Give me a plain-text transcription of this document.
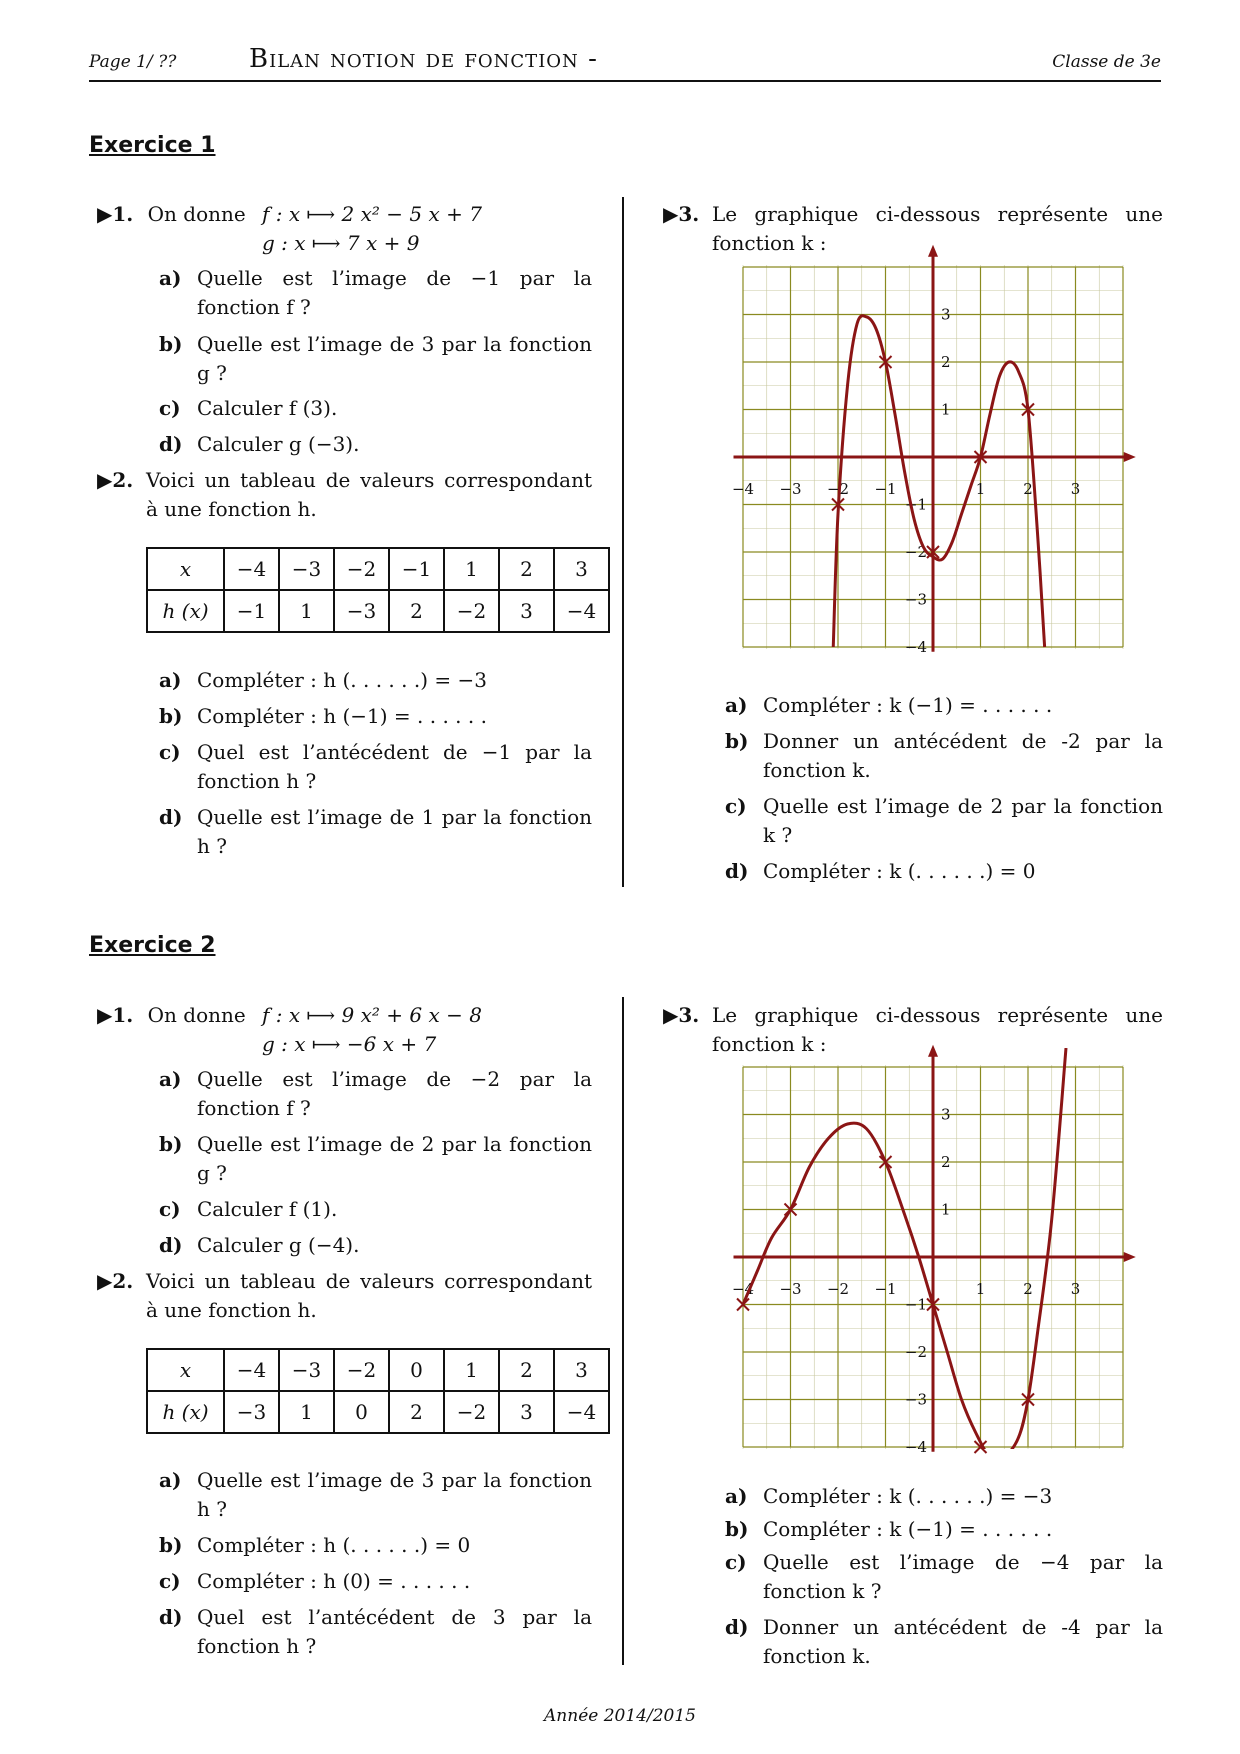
Page 1/ ??	Bilan notion de fonction -	Classe de 3e
Exercice 1
▶1. On donne f : x ⟼ 2 x² − 5 x + 7
g : x ⟼ 7 x + 9
a) Quelle est l’image de −1 par la fonction f ?
b) Quelle est l’image de 3 par la fonction g ?
c) Calculer f (3).
d) Calculer g (−3).
a) Quelle est l’image de −2 par la fonction f ?
b) Quelle est l’image de 2 par la fonction g ?
c) Calculer f (1).
d) Calculer g (−4).
a) Compléter : h (. . . . . .) = −3
b) Compléter : h (−1) = . . . . . .
c) Quel est l’antécédent de −1 par la fonction h ?
d) Quelle est l’image de 1 par la fonction h ?
a) Quelle est l’image de 3 par la fonction h ?
b) Compléter : h (. . . . . .) = 0
c) Compléter : h (0) = . . . . . .
d) Quel est l’antécédent de 3 par la fonction h ?
a) Compléter : k (−1) = . . . . . .
b) Donner un antécédent de -2 par la fonction k.
c) Quelle est l’image de 2 par la fonction k ?
d) Compléter : k (. . . . . .) = 0
a) Compléter : k (. . . . . .) = −3
b) Compléter : k (−1) = . . . . . .
c) Quelle est l’image de −4 par la fonction k ?
d) Donner un antécédent de -4 par la fonction k.
▶2. Voici un tableau de valeurs correspondant à une fonction h.
x	−4	−3	−2	−1	1	2	3
h (x)	−1	1	−3	2	−2	3	−4
▶3. Le graphique ci-dessous représente une fonction k :
−4 −3 −2 −1	1	2	3
3
2
1
−1
−2
−3
−4
Exercice 2
▶1. On donne f : x ⟼ 9 x² + 6 x − 8
g : x ⟼ −6 x + 7
▶2. Voici un tableau de valeurs correspondant à une fonction h.
x	−4	−3	−2	0	1	2	3
h (x)	−3	1	0	2	−2	3	−4
▶3. Le graphique ci-dessous représente une fonction k :
−4 −3 −2 −1	1	2	3
3
2
1
−1
−2
−3
−4
Année 2014/2015
